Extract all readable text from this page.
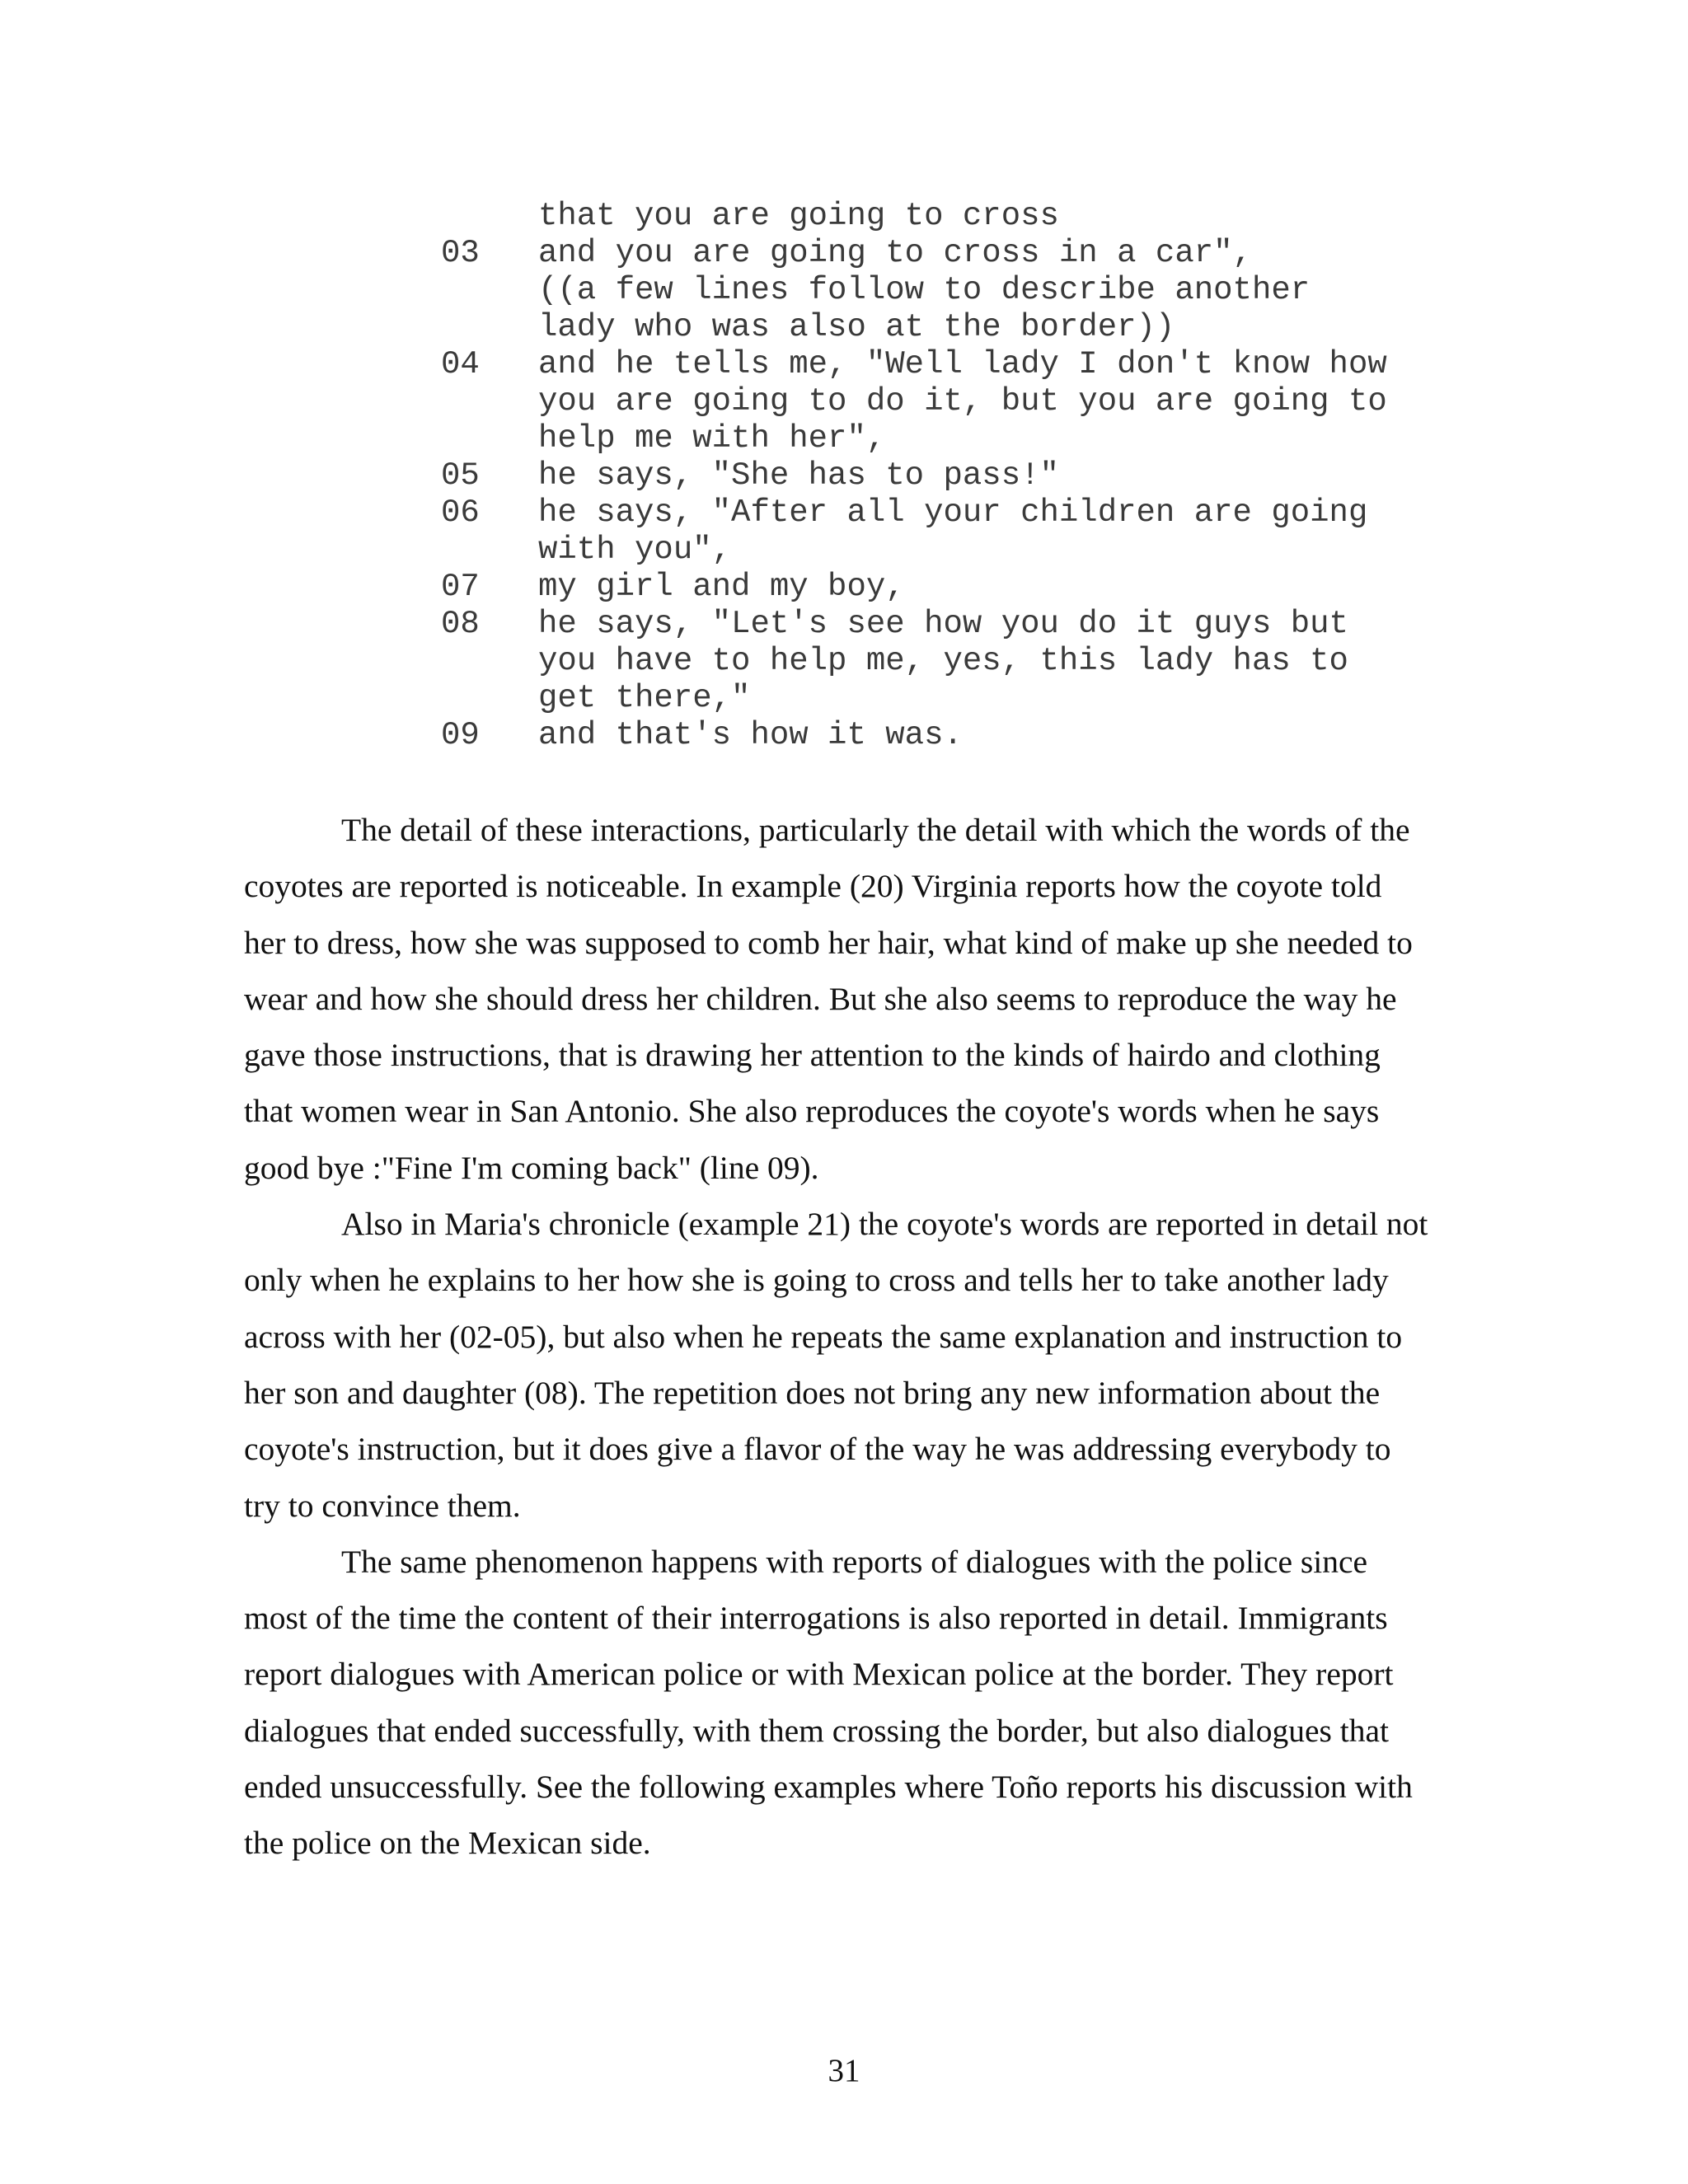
that you are going to cross
03	and you are going to cross in a car",
((a few lines follow to describe another
lady who was also at the border))
04	and he tells me, "Well lady I don't know how
you are going to do it, but you are going to
help me with her",
05	he says, "She has to pass!"
06	he says, "After all your children are going
with you",
07	my girl and my boy,
08	he says, "Let's see how you do it guys but
you have to help me, yes, this lady has to
get there,"
09	and that's how it was.

The detail of these interactions, particularly the detail with which the words of the coyotes are reported is noticeable. In example (20) Virginia reports how the coyote told her to dress, how she was supposed to comb her hair, what kind of make up she needed to wear and how she should dress her children. But she also seems to reproduce the way he gave those instructions, that is drawing her attention to the kinds of hairdo and clothing that women wear in San Antonio. She also reproduces the coyote's words when he says good bye :"Fine I'm coming back" (line 09).

Also in Maria's chronicle (example 21) the coyote's words are reported in detail not only when he explains to her how she is going to cross and tells her to take another lady across with her (02-05), but also when he repeats the same explanation and instruction to her son and daughter (08). The repetition does not bring any new information about the coyote's instruction, but it does give a flavor of the way he was addressing everybody to try to convince them.

The same phenomenon happens with reports of dialogues with the police since most of the time the content of their interrogations is also reported in detail. Immigrants report dialogues with American police or with Mexican police at the border. They report dialogues that ended successfully, with them crossing the border, but also dialogues that ended unsuccessfully. See the following examples where Toño reports his discussion with the police on the Mexican side.

31
